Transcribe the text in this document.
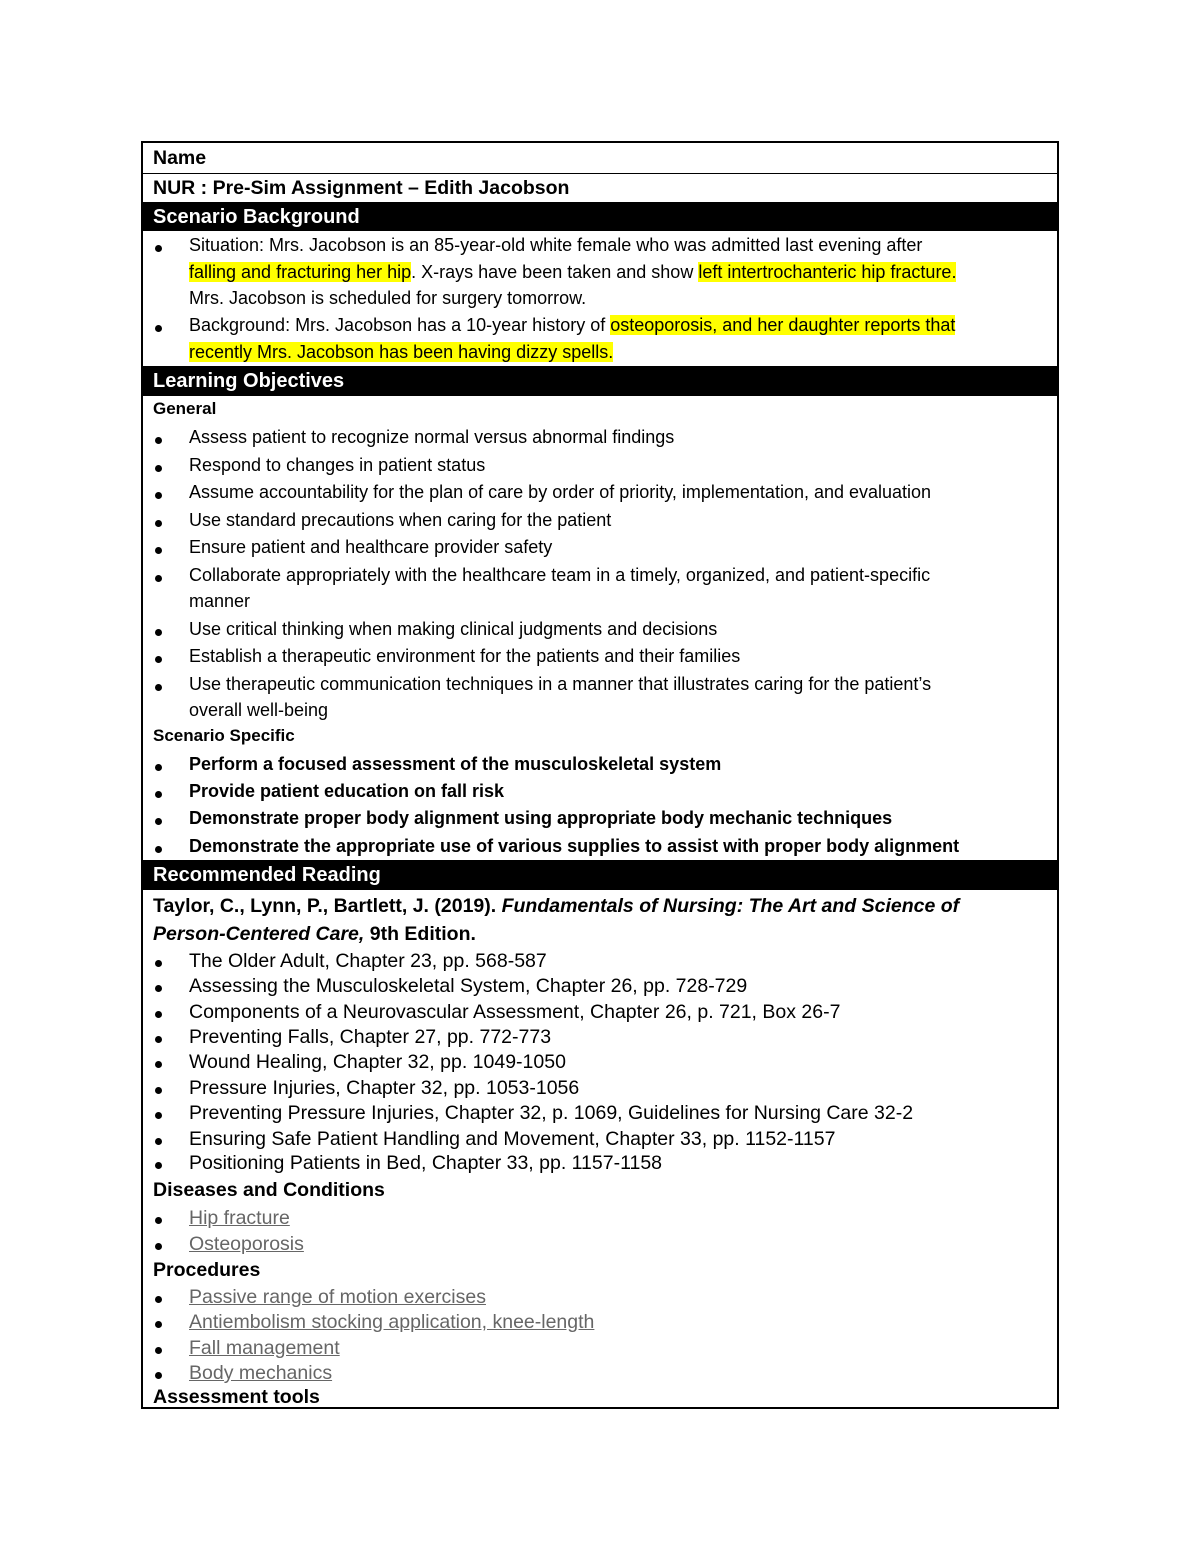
Name
NUR : Pre-Sim Assignment – Edith Jacobson
Scenario Background
Situation: Mrs. Jacobson is an 85-year-old white female who was admitted last evening after
falling and fracturing her hip. X-rays have been taken and show left intertrochanteric hip fracture.
Mrs. Jacobson is scheduled for surgery tomorrow.
Background: Mrs. Jacobson has a 10-year history of osteoporosis, and her daughter reports that
recently Mrs. Jacobson has been having dizzy spells.
Learning Objectives
General
Assess patient to recognize normal versus abnormal findings
Respond to changes in patient status
Assume accountability for the plan of care by order of priority, implementation, and evaluation
Use standard precautions when caring for the patient
Ensure patient and healthcare provider safety
Collaborate appropriately with the healthcare team in a timely, organized, and patient-specific
manner
Use critical thinking when making clinical judgments and decisions
Establish a therapeutic environment for the patients and their families
Use therapeutic communication techniques in a manner that illustrates caring for the patient’s
overall well-being
Scenario Specific
Perform a focused assessment of the musculoskeletal system
Provide patient education on fall risk
Demonstrate proper body alignment using appropriate body mechanic techniques
Demonstrate the appropriate use of various supplies to assist with proper body alignment
Recommended Reading
Taylor, C., Lynn, P., Bartlett, J. (2019). Fundamentals of Nursing: The Art and Science of
Person-Centered Care, 9th Edition.
The Older Adult, Chapter 23, pp. 568-587
Assessing the Musculoskeletal System, Chapter 26, pp. 728-729
Components of a Neurovascular Assessment, Chapter 26, p. 721, Box 26-7
Preventing Falls, Chapter 27, pp. 772-773
Wound Healing, Chapter 32, pp. 1049-1050
Pressure Injuries, Chapter 32, pp. 1053-1056
Preventing Pressure Injuries, Chapter 32, p. 1069, Guidelines for Nursing Care 32-2
Ensuring Safe Patient Handling and Movement, Chapter 33, pp. 1152-1157
Positioning Patients in Bed, Chapter 33, pp. 1157-1158
Diseases and Conditions
Hip fracture
Osteoporosis
Procedures
Passive range of motion exercises
Antiembolism stocking application, knee-length
Fall management
Body mechanics
Assessment tools
